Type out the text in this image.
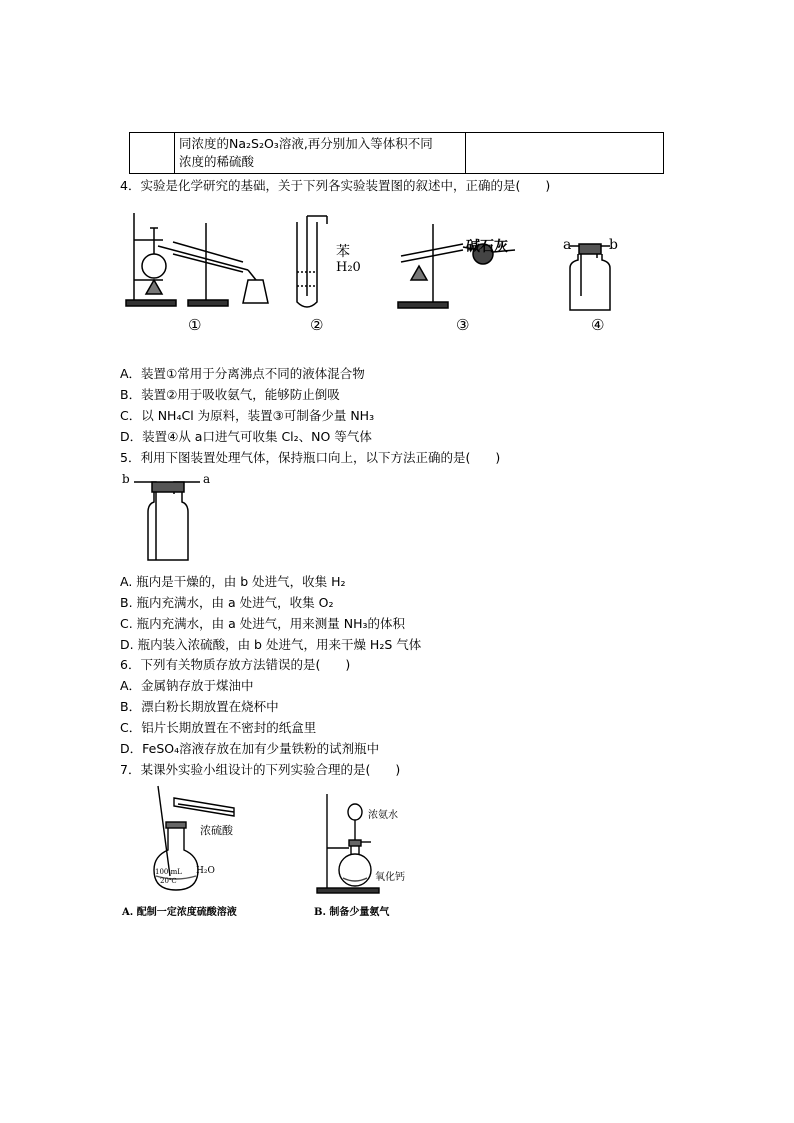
同浓度的Na₂S₂O₃溶液,再分别加入等体积不同
浓度的稀硫酸

4．实验是化学研究的基础，关于下列各实验装置图的叙述中，正确的是(　　)
①
苯
H₂0
②
碱石灰
③
a	b
④
A．装置①常用于分离沸点不同的液体混合物
B．装置②用于吸收氨气，能够防止倒吸
C．以 NH₄Cl 为原料，装置③可制备少量 NH₃
D．装置④从 a口进气可收集 Cl₂、NO 等气体
5．利用下图装置处理气体，保持瓶口向上，以下方法正确的是(　　)
b	a
A. 瓶内是干燥的，由 b 处进气，收集 H₂
B. 瓶内充满水，由 a 处进气，收集 O₂
C. 瓶内充满水，由 a 处进气，用来测量 NH₃的体积
D. 瓶内装入浓硫酸，由 b 处进气，用来干燥 H₂S 气体
6．下列有关物质存放方法错误的是(　　)
A．金属钠存放于煤油中
B．漂白粉长期放置在烧杯中
C．铝片长期放置在不密封的纸盒里
D．FeSO₄溶液存放在加有少量铁粉的试剂瓶中
7．某课外实验小组设计的下列实验合理的是(　　)
浓硫酸
H₂O
100 mL
20℃
A. 配制一定浓度硫酸溶液
浓氨水
氧化钙
B. 制备少量氨气
